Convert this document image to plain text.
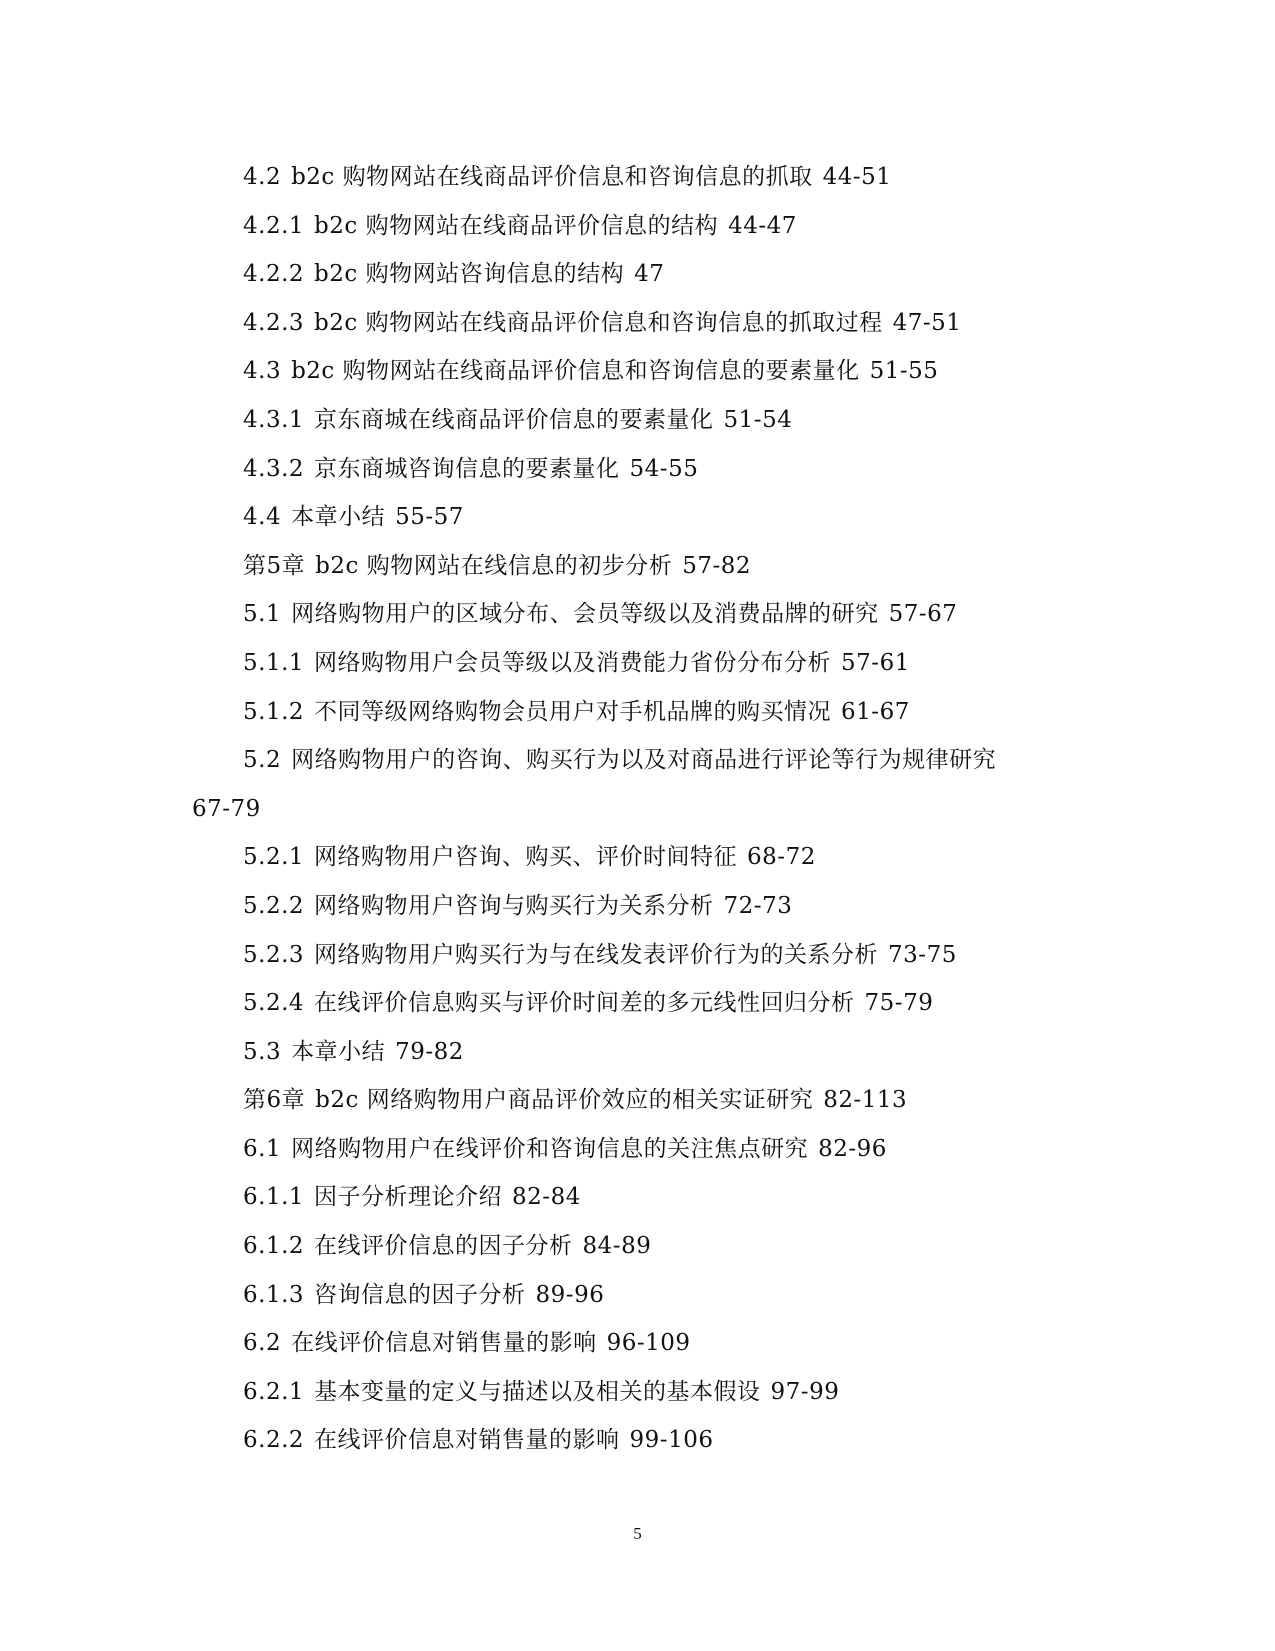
4.2 b2c 购物网站在线商品评价信息和咨询信息的抓取 44-51
4.2.1 b2c 购物网站在线商品评价信息的结构 44-47
4.2.2 b2c 购物网站咨询信息的结构 47
4.2.3 b2c 购物网站在线商品评价信息和咨询信息的抓取过程 47-51
4.3 b2c 购物网站在线商品评价信息和咨询信息的要素量化 51-55
4.3.1 京东商城在线商品评价信息的要素量化 51-54
4.3.2 京东商城咨询信息的要素量化 54-55
4.4 本章小结 55-57
第5章 b2c 购物网站在线信息的初步分析 57-82
5.1 网络购物用户的区域分布、会员等级以及消费品牌的研究 57-67
5.1.1 网络购物用户会员等级以及消费能力省份分布分析 57-61
5.1.2 不同等级网络购物会员用户对手机品牌的购买情况 61-67
5.2 网络购物用户的咨询、购买行为以及对商品进行评论等行为规律研究
67-79
5.2.1 网络购物用户咨询、购买、评价时间特征 68-72
5.2.2 网络购物用户咨询与购买行为关系分析 72-73
5.2.3 网络购物用户购买行为与在线发表评价行为的关系分析 73-75
5.2.4 在线评价信息购买与评价时间差的多元线性回归分析 75-79
5.3 本章小结 79-82
第6章 b2c 网络购物用户商品评价效应的相关实证研究 82-113
6.1 网络购物用户在线评价和咨询信息的关注焦点研究 82-96
6.1.1 因子分析理论介绍 82-84
6.1.2 在线评价信息的因子分析 84-89
6.1.3 咨询信息的因子分析 89-96
6.2 在线评价信息对销售量的影响 96-109
6.2.1 基本变量的定义与描述以及相关的基本假设 97-99
6.2.2 在线评价信息对销售量的影响 99-106
5
